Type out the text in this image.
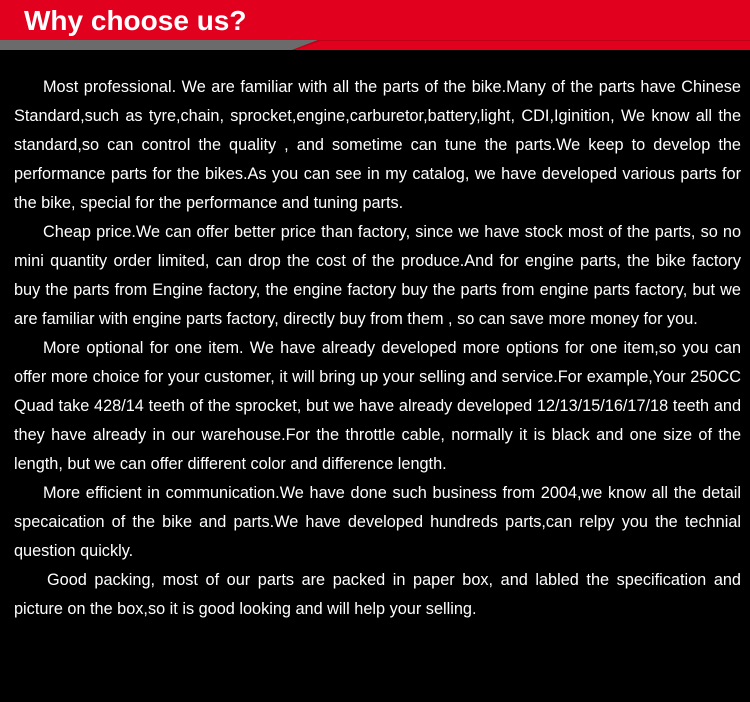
Why choose us?

Most professional. We are familiar with all the parts of the bike.Many of the parts have Chinese Standard,such as tyre,chain, sprocket,engine,carburetor,battery,light, CDI,Iginition, We know all the standard,so can control the quality , and sometime can tune the parts.We keep to develop the performance parts for the bikes.As you can see in my catalog, we have developed various parts for the bike, special for the performance and tuning parts.

Cheap price.We can offer better price than factory, since we have stock most of the parts, so no mini quantity order limited, can drop the cost of the produce.And for engine parts, the bike factory buy the parts from Engine factory, the engine factory buy the parts from engine parts factory, but we are familiar with engine parts factory, directly buy from them , so can save more money for you.

More optional for one item. We have already developed more options for one item,so you can offer more choice for your customer, it will bring up your selling and service.For example,Your 250CC Quad take 428/14 teeth of the sprocket, but we have already developed 12/13/15/16/17/18 teeth and they have already in our warehouse.For the throttle cable, normally it is black and one size of the length, but we can offer different color and difference length.

More efficient in communication.We have done such business from 2004,we know all the detail specaication of the bike and parts.We have developed hundreds parts,can relpy you the technial question quickly.

Good packing, most of our parts are packed in paper box, and labled the specification and picture on the box,so it is good looking and will help your selling.
